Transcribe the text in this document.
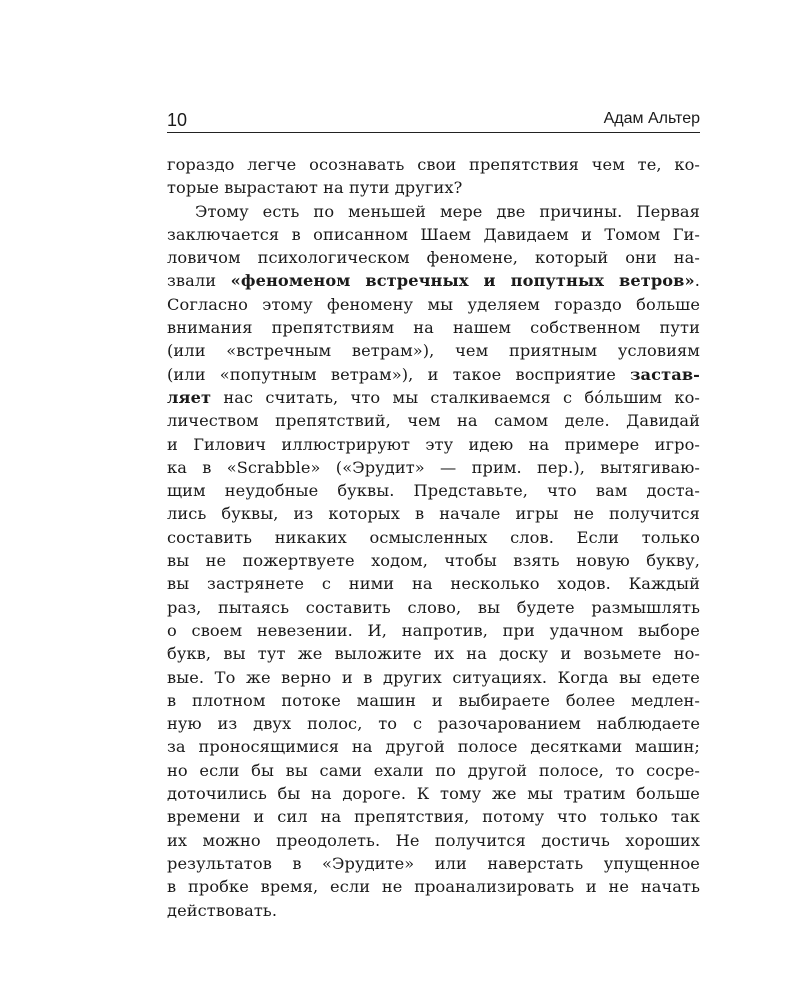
10	Адам Альтер
гораздо легче осознавать свои препятствия чем те, ко-
торые вырастают на пути других?
Этому есть по меньшей мере две причины. Первая
заключается в описанном Шаем Давидаем и Томом Ги-
ловичом психологическом феномене, который они на-
звали «феноменом встречных и попутных ветров».
Согласно этому феномену мы уделяем гораздо больше
внимания препятствиям на нашем собственном пути
(или «встречным ветрам»), чем приятным условиям
(или «попутным ветрам»), и такое восприятие застав-
ляет нас считать, что мы сталкиваемся с бо́льшим ко-
личеством препятствий, чем на самом деле. Давидай
и Гилович иллюстрируют эту идею на примере игро-
ка в «Scrabble» («Эрудит» — прим. пер.), вытягиваю-
щим неудобные буквы. Представьте, что вам доста-
лись буквы, из которых в начале игры не получится
составить никаких осмысленных слов. Если только
вы не пожертвуете ходом, чтобы взять новую букву,
вы застрянете с ними на несколько ходов. Каждый
раз, пытаясь составить слово, вы будете размышлять
о своем невезении. И, напротив, при удачном выборе
букв, вы тут же выложите их на доску и возьмете но-
вые. То же верно и в других ситуациях. Когда вы едете
в плотном потоке машин и выбираете более медлен-
ную из двух полос, то с разочарованием наблюдаете
за проносящимися на другой полосе десятками машин;
но если бы вы сами ехали по другой полосе, то сосре-
доточились бы на дороге. К тому же мы тратим больше
времени и сил на препятствия, потому что только так
их можно преодолеть. Не получится достичь хороших
результатов в «Эрудите» или наверстать упущенное
в пробке время, если не проанализировать и не начать
действовать.
